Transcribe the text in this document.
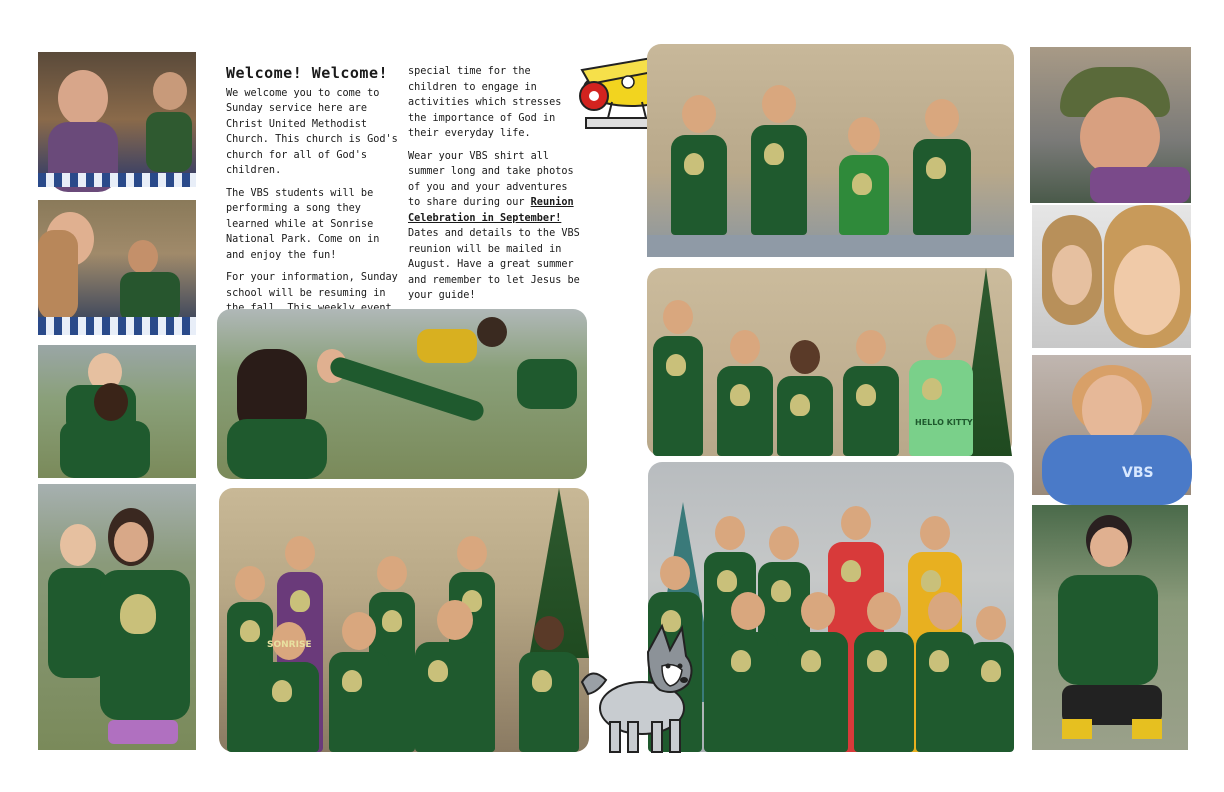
Welcome! Welcome!

We welcome you to come to Sunday service here are Christ United Methodist Church. This church is God's church for all of God's children.

The VBS students will be performing a song they learned while at Sonrise National Park. Come on in and enjoy the fun!

For your information, Sunday school will be resuming in

special time for the children to engage in activities which stresses the importance of God in their everyday life.

Wear your VBS shirt all summer long and take photos of you and your adventures to share during our Reunion Celebration in September!

Dates and details to the VBS reunion will be mailed in August. Have a great summer and remember to let Jesus be your guide!

SONRISE
HELLO KITTY
VBS
